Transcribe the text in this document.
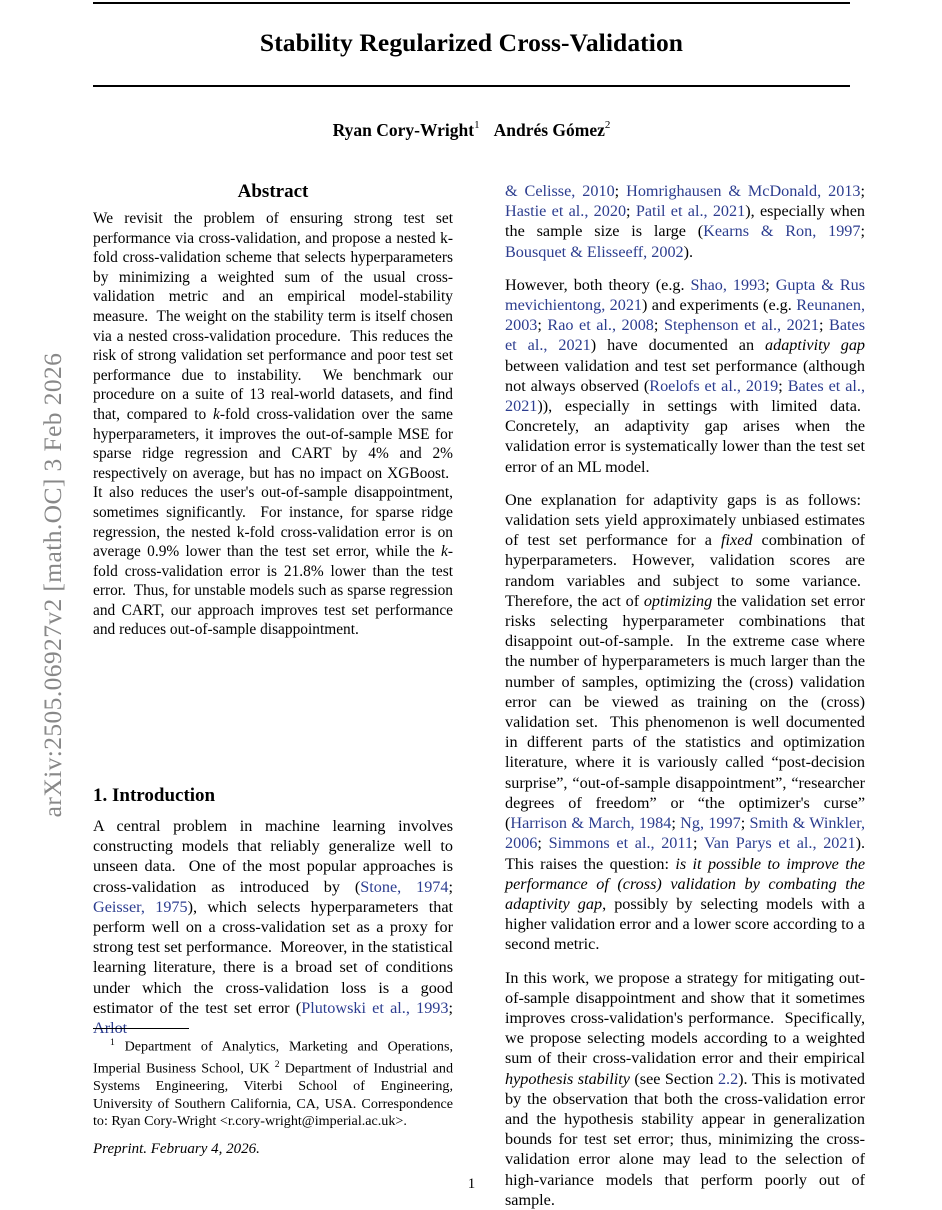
arXiv:2505.06927v2 [math.OC] 3 Feb 2026
Stability Regularized Cross-Validation
Ryan Cory-Wright$^1$ Andrés Gómez$^2$
Abstract
We revisit the problem of ensuring strong test set performance via cross-validation, and propose a nested k-fold cross-validation scheme that se​lects hyperparameters by minimizing a weighted sum of the usual cross-validation metric and an empirical model-stability measure.  The weight on the stability term is itself chosen via a nested cross-validation procedure.  This reduces the risk of strong validation set performance and poor test set performance due to instability.  We benchmark our procedure on a suite of 13 real-world datasets, and find that, compared to k-fold cross-validation over the same hyperparameters, it improves the out-of-sample MSE for sparse ridge regression and CART by 4% and 2% respectively on average, but has no impact on XGBoost.  It also reduces the user's out-of-sample disappointment, some​times significantly.  For instance, for sparse ridge regression, the nested k-fold cross-validation er​ror is on average 0.9% lower than the test set error, while the k-fold cross-validation error is 21.8% lower than the test error.  Thus, for unsta​ble models such as sparse regression and CART, our approach improves test set performance and reduces out-of-sample disappointment.
1. Introduction

A central problem in machine learning involves constructing models that reliably generalize well to unseen data.  One of the most popular approaches is cross-validation as in​troduced by (Stone, 1974; Geisser, 1975), which selects hyperparameters that perform well on a cross-validation set as a proxy for strong test set performance.  Moreover, in the statistical learning literature, there is a broad set of conditions under which the cross-validation loss is a good estimator of the test set error (Plutowski et al., 1993; Arlot

$^1$ Department of Analytics, Marketing and Operations, Imperial Business School, UK $^2$ Department of Industrial and Systems Engineering, Viterbi School of Engineering, University of Southern California, CA, USA. Correspondence to: Ryan Cory-Wright <r.cory-wright@imperial.ac.uk>.

Preprint. February 4, 2026.
1

& Celisse, 2010; Homrighausen & McDonald, 2013; Hastie et al., 2020; Patil et al., 2021), especially when the sample size is large (Kearns & Ron, 1997; Bousquet & Elisseeff, 2002).

However, both theory (e.g. Shao, 1993; Gupta & Rus​mevichientong, 2021) and experiments (e.g. Reunanen, 2003; Rao et al., 2008; Stephenson et al., 2021; Bates et al., 2021) have documented an adaptivity gap between valida​tion and test set performance (although not always observed (Roelofs et al., 2019; Bates et al., 2021)), especially in set​tings with limited data.  Concretely, an adaptivity gap arises when the validation error is systematically lower than the test set error of an ML model.

One explanation for adaptivity gaps is as follows:  valida​tion sets yield approximately unbiased estimates of test set performance for a fixed combination of hyperparameters. However, validation scores are random variables and subject to some variance.  Therefore, the act of optimizing the vali​dation set error risks selecting hyperparameter combinations that disappoint out-of-sample.  In the extreme case where the number of hyperparameters is much larger than the num​ber of samples, optimizing the (cross) validation error can be viewed as training on the (cross) validation set.  This phenomenon is well documented in different parts of the statistics and optimization literature, where it is variously called “post-decision surprise”, “out-of-sample disappoint​ment”, “researcher degrees of freedom” or “the optimizer's curse” (Harrison & March, 1984; Ng, 1997; Smith & Win​kler, 2006; Simmons et al., 2011; Van Parys et al., 2021). This raises the question: is it possible to improve the per​formance of (cross) validation by combating the adaptivity gap, possibly by selecting models with a higher validation error and a lower score according to a second metric.

In this work, we propose a strategy for mitigating out-of-sample disappointment and show that it sometimes improves cross-validation's performance.  Specifically, we propose selecting models according to a weighted sum of their cross-validation error and their empirical hypothesis stability (see Section 2.2). This is motivated by the observation that both the cross-validation error and the hypothesis stability appear in generalization bounds for test set error; thus, minimizing the cross-validation error alone may lead to the selection of high-variance models that perform poorly out of sample.
